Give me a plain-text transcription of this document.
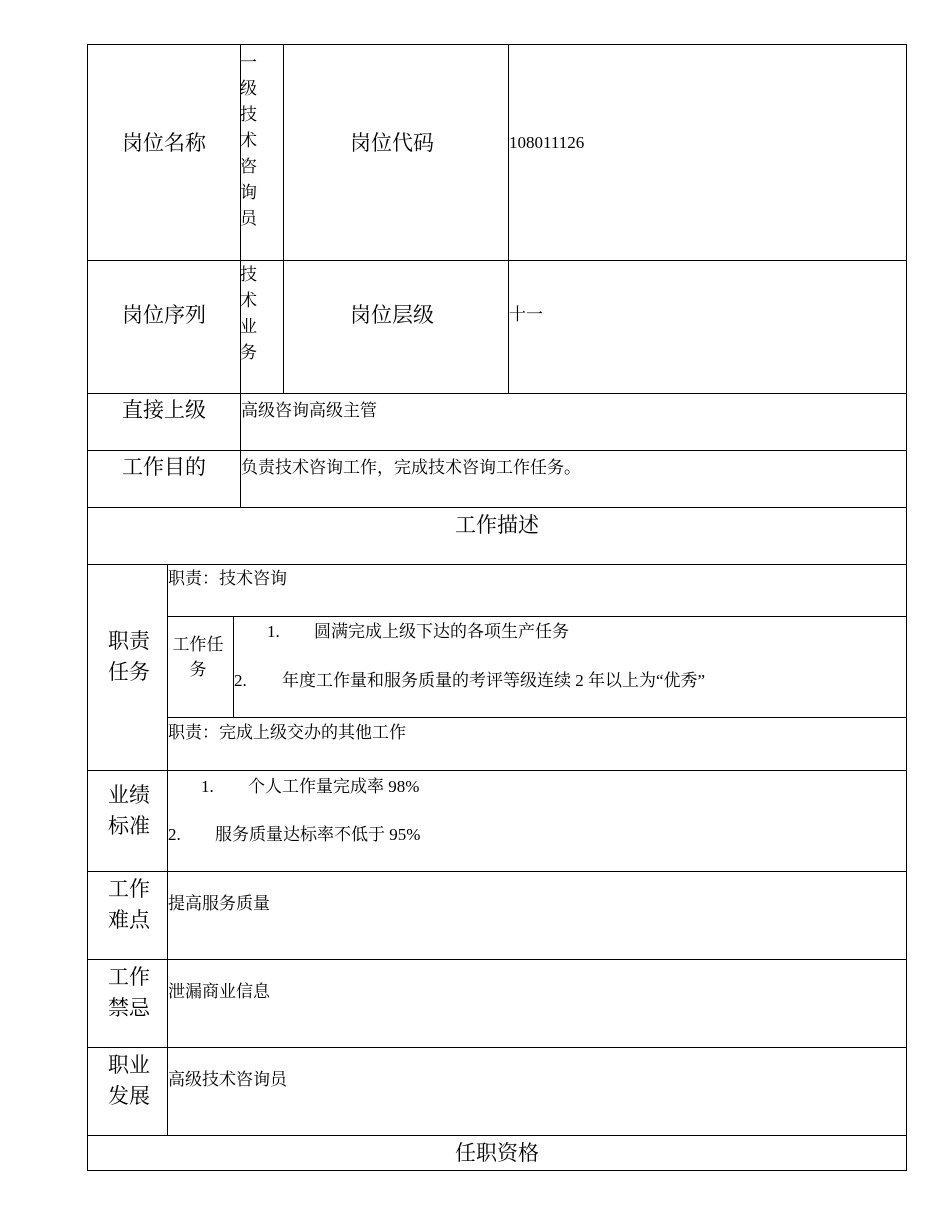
岗位名称
一级技术咨询员
岗位代码	108011126
岗位序列
技术业务
岗位层级	十一
直接上级 高级咨询高级主管
工作目的 负责技术咨询工作，完成技术咨询工作任务。
工作描述
职责任务
职责：技术咨询
工作任务
1. 圆满完成上级下达的各项生产任务
2. 年度工作量和服务质量的考评等级连续 2 年以上为“优秀”
职责：完成上级交办的其他工作
业绩标准
1. 个人工作量完成率 98%
2. 服务质量达标率不低于 95%
工作难点
提高服务质量
工作禁忌
泄漏商业信息
职业发展
高级技术咨询员
任职资格
